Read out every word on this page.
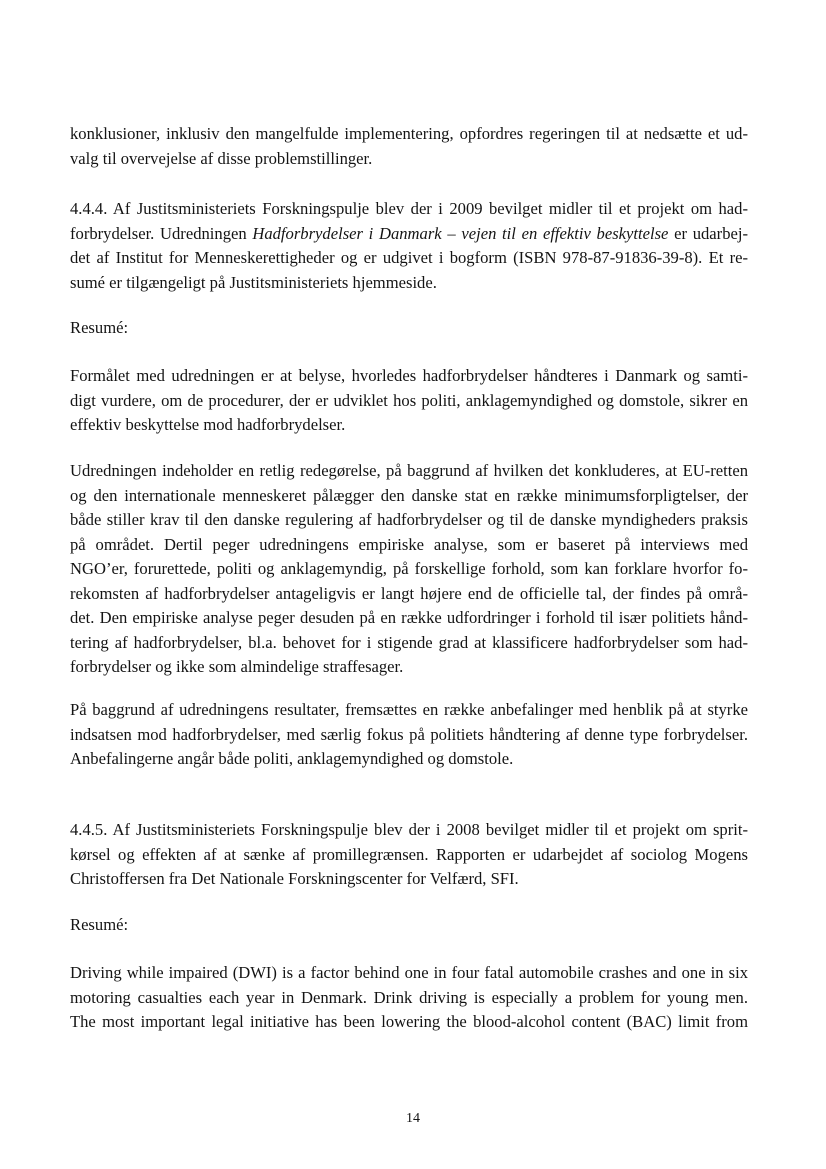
konklusioner, inklusiv den mangelfulde implementering, opfordres regeringen til at nedsætte et ud-
valg til overvejelse af disse problemstillinger.
4.4.4. Af Justitsministeriets Forskningspulje blev der i 2009 bevilget midler til et projekt om had-
forbrydelser. Udredningen Hadforbrydelser i Danmark – vejen til en effektiv beskyttelse er udarbej-
det af Institut for Menneskerettigheder og er udgivet i bogform (ISBN 978-87-91836-39-8). Et re-
sumé er tilgængeligt på Justitsministeriets hjemmeside.
Resumé:
Formålet med udredningen er at belyse, hvorledes hadforbrydelser håndteres i Danmark og samti-
digt vurdere, om de procedurer, der er udviklet hos politi, anklagemyndighed og domstole, sikrer en
effektiv beskyttelse mod hadforbrydelser.
Udredningen indeholder en retlig redegørelse, på baggrund af hvilken det konkluderes, at EU-retten
og den internationale menneskeret pålægger den danske stat en række minimumsforpligtelser, der
både stiller krav til den danske regulering af hadforbrydelser og til de danske myndigheders praksis
på området. Dertil peger udredningens empiriske analyse, som er baseret på interviews med
NGO’er, forurettede, politi og anklagemyndig, på forskellige forhold, som kan forklare hvorfor fo-
rekomsten af hadforbrydelser antageligvis er langt højere end de officielle tal, der findes på områ-
det. Den empiriske analyse peger desuden på en række udfordringer i forhold til især politiets hånd-
tering af hadforbrydelser, bl.a. behovet for i stigende grad at klassificere hadforbrydelser som had-
forbrydelser og ikke som almindelige straffesager.
På baggrund af udredningens resultater, fremsættes en række anbefalinger med henblik på at styrke
indsatsen mod hadforbrydelser, med særlig fokus på politiets håndtering af denne type forbrydelser.
Anbefalingerne angår både politi, anklagemyndighed og domstole.
4.4.5. Af Justitsministeriets Forskningspulje blev der i 2008 bevilget midler til et projekt om sprit-
kørsel og effekten af at sænke af promillegrænsen. Rapporten er udarbejdet af sociolog Mogens
Christoffersen fra Det Nationale Forskningscenter for Velfærd, SFI.
Resumé:
Driving while impaired (DWI) is a factor behind one in four fatal automobile crashes and one in six
motoring casualties each year in Denmark. Drink driving is especially a problem for young men.
The most important legal initiative has been lowering the blood-alcohol content (BAC) limit from
14
